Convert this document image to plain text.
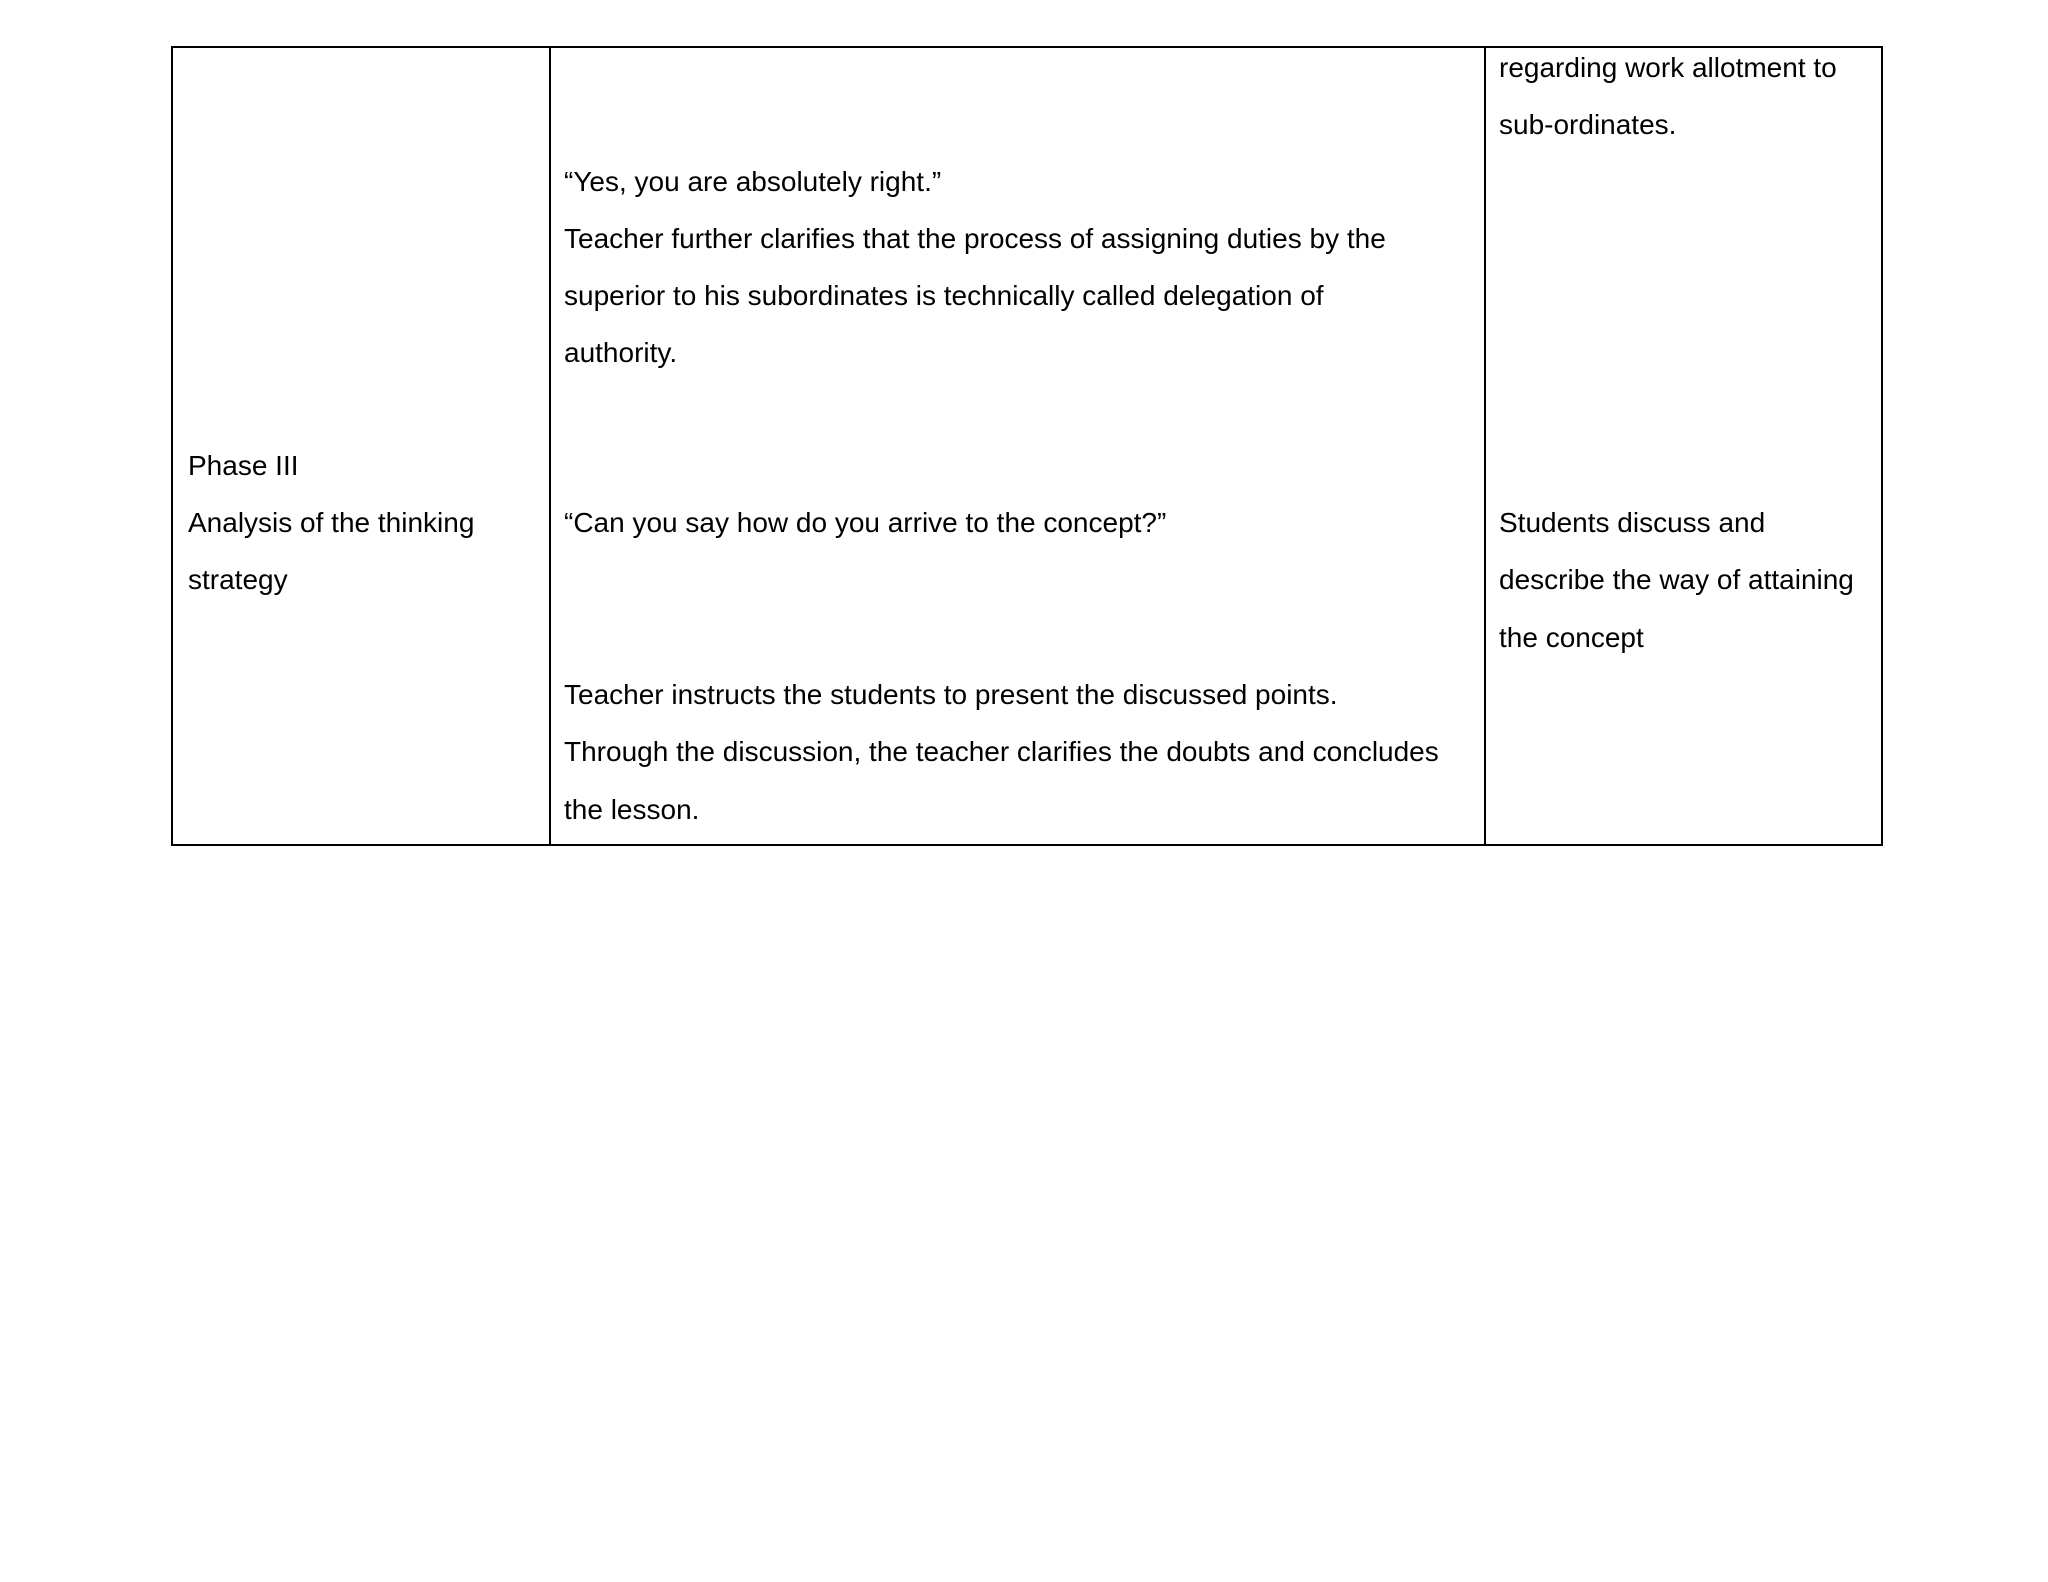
Phase III
Analysis of the thinking
strategy
“Yes, you are absolutely right.”
Teacher further clarifies that the process of assigning duties by the
superior to his subordinates is technically called delegation of
authority.
“Can you say how do you arrive to the concept?”
Teacher instructs the students to present the discussed points.
Through the discussion, the teacher clarifies the doubts and concludes
the lesson.
regarding work allotment to
sub-ordinates.
Students discuss and
describe the way of attaining
the concept
